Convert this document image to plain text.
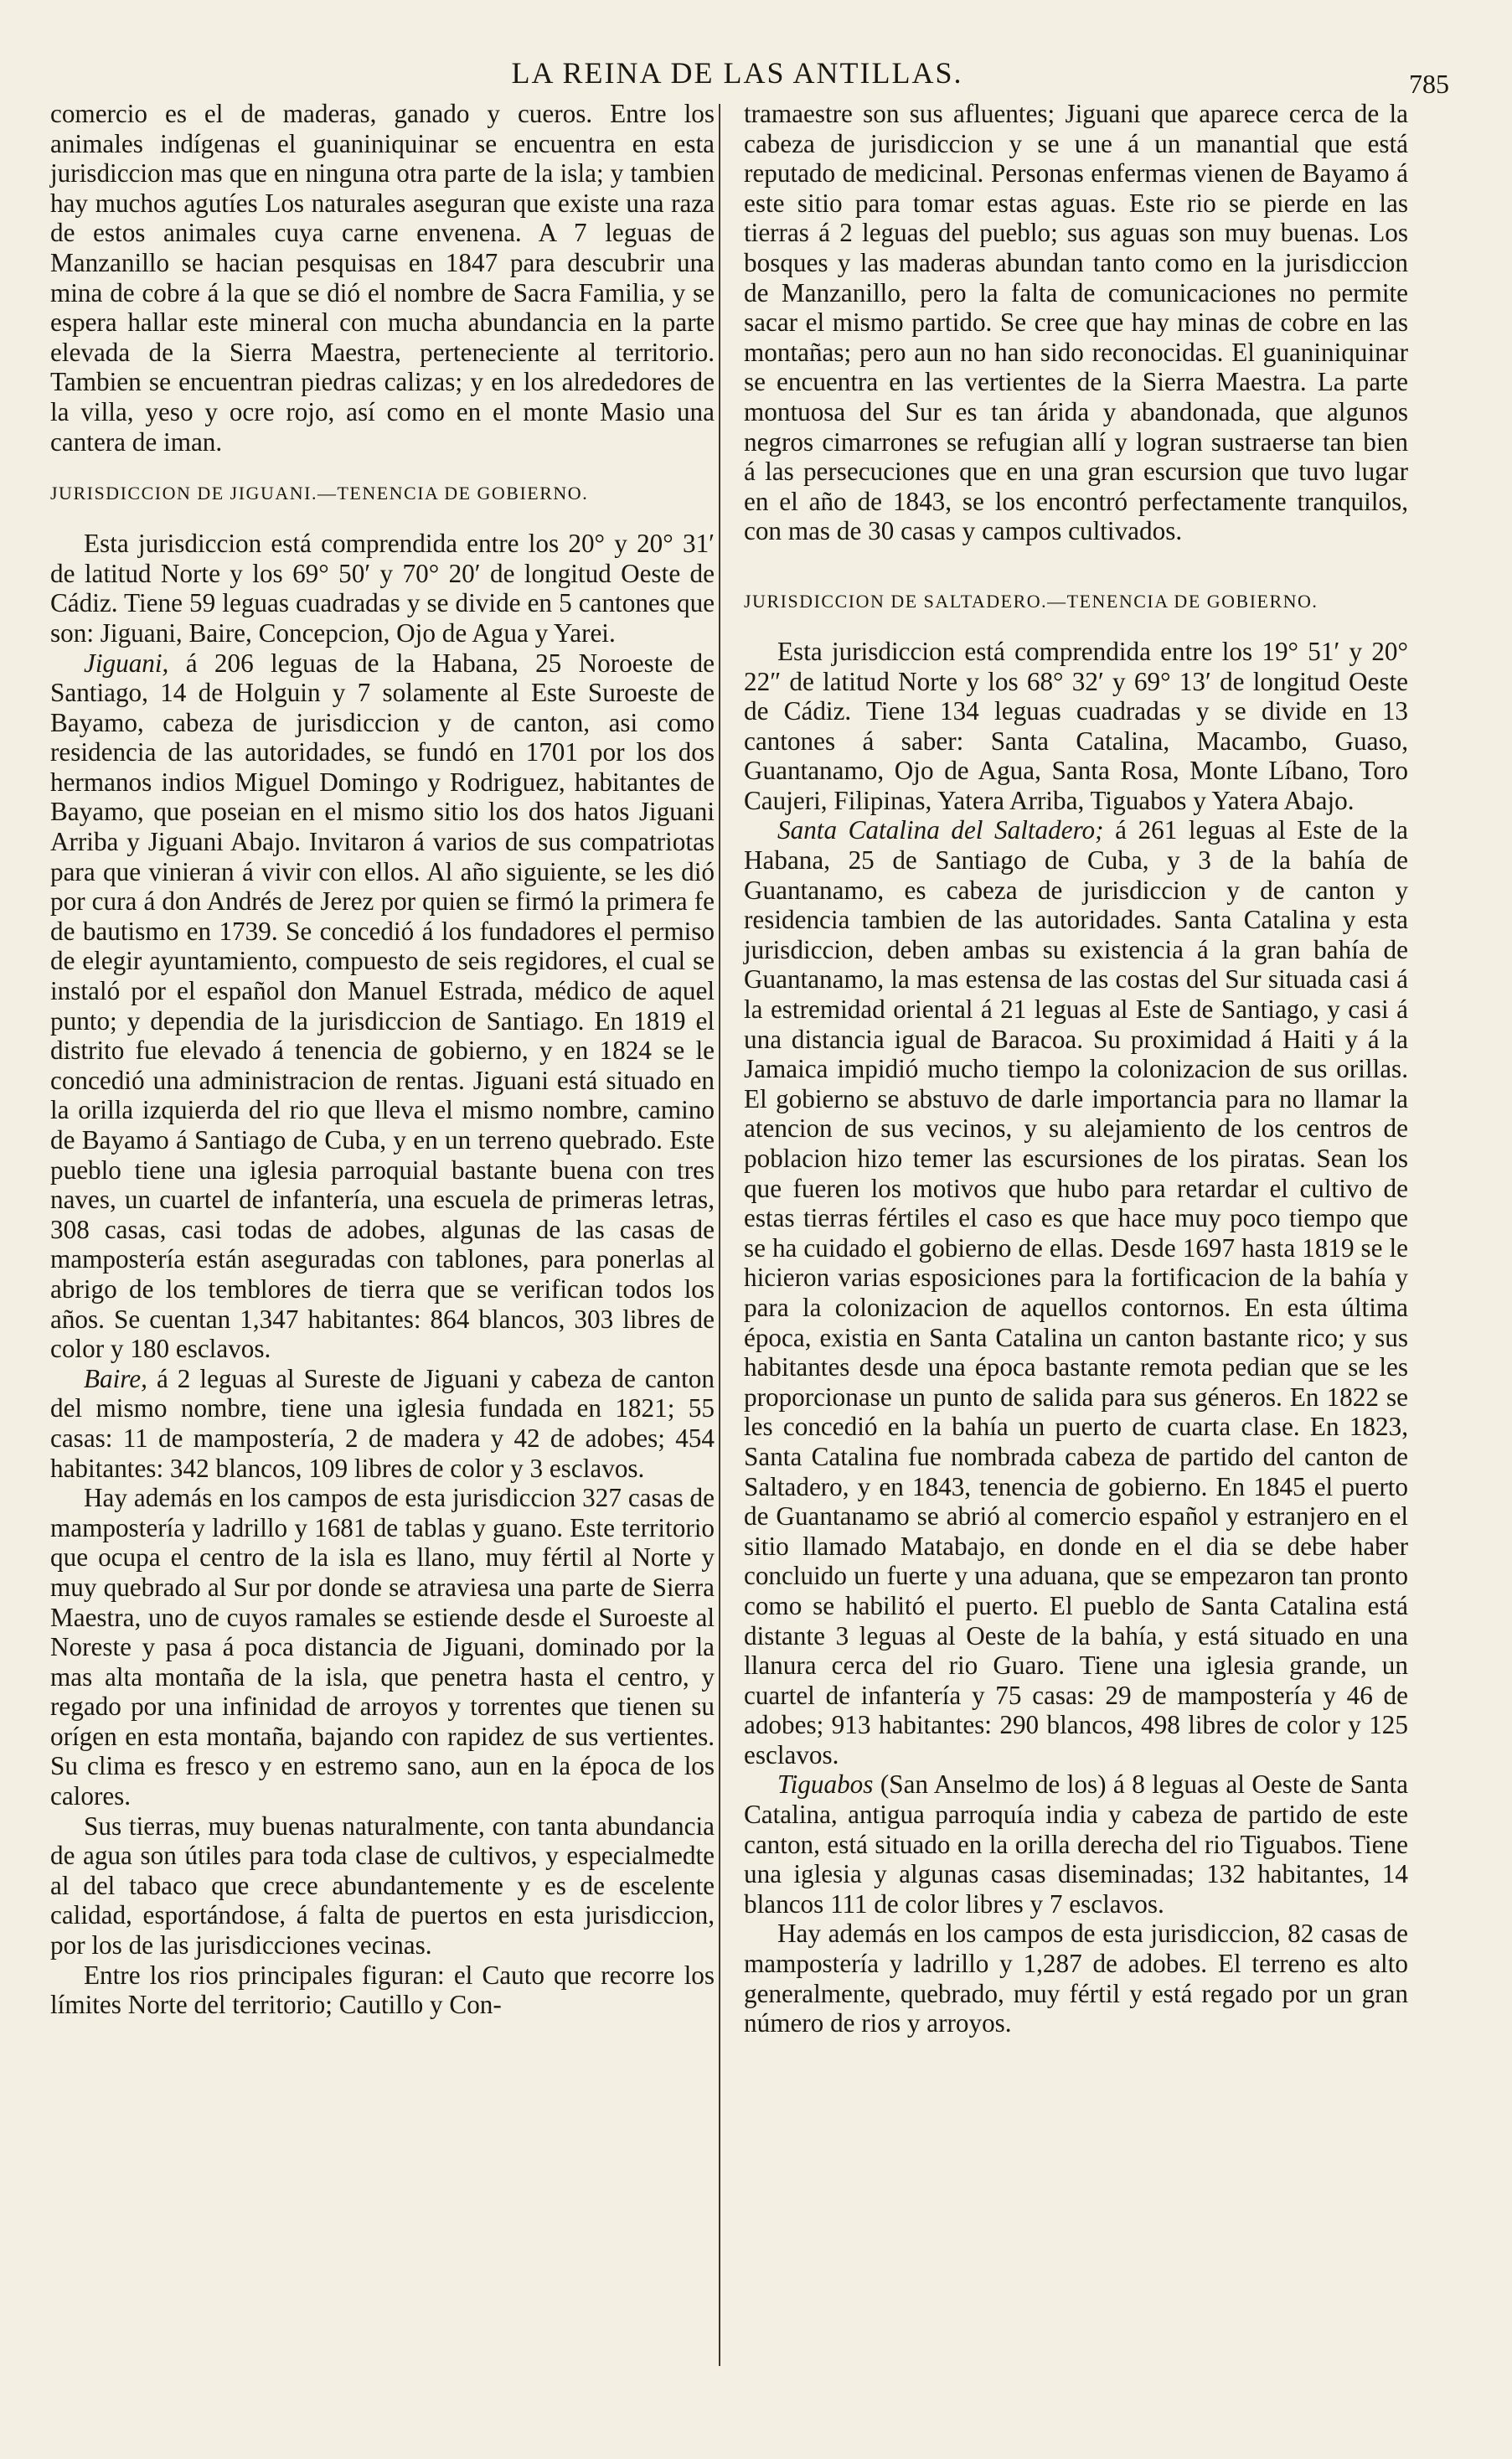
LA REINA DE LAS ANTILLAS.	785

comercio es el de maderas, ganado y cueros. Entre los animales indígenas el guaniniquinar se encuentra en esta jurisdiccion mas que en ninguna otra parte de la isla; y tambien hay muchos agutíes Los naturales aseguran que existe una raza de estos animales cuya carne envenena. A 7 leguas de Manzanillo se hacian pesquisas en 1847 para descubrir una mina de cobre á la que se dió el nombre de Sacra Familia, y se espera hallar este mineral con mucha abundancia en la parte elevada de la Sierra Maestra, perteneciente al territorio. Tambien se encuentran piedras calizas; y en los alrededores de la villa, yeso y ocre rojo, así como en el monte Masio una cantera de iman.

JURISDICCION DE JIGUANI.—TENENCIA DE GOBIERNO.

Esta jurisdiccion está comprendida entre los 20° y 20° 31′ de latitud Norte y los 69° 50′ y 70° 20′ de longitud Oeste de Cádiz. Tiene 59 leguas cuadradas y se divide en 5 cantones que son: Jiguani, Baire, Concepcion, Ojo de Agua y Yarei.

Jiguani, á 206 leguas de la Habana, 25 Noroeste de Santiago, 14 de Holguin y 7 solamente al Este Suroeste de Bayamo, cabeza de jurisdiccion y de canton, asi como residencia de las autoridades, se fundó en 1701 por los dos hermanos indios Miguel Domingo y Rodriguez, habitantes de Bayamo, que poseian en el mismo sitio los dos hatos Jiguani Arriba y Jiguani Abajo. Invitaron á varios de sus compatriotas para que vinieran á vivir con ellos. Al año siguiente, se les dió por cura á don Andrés de Jerez por quien se firmó la primera fe de bautismo en 1739. Se concedió á los fundadores el permiso de elegir ayuntamiento, compuesto de seis regidores, el cual se instaló por el español don Manuel Estrada, médico de aquel punto; y dependia de la jurisdiccion de Santiago. En 1819 el distrito fue elevado á tenencia de gobierno, y en 1824 se le concedió una administracion de rentas. Jiguani está situado en la orilla izquierda del rio que lleva el mismo nombre, camino de Bayamo á Santiago de Cuba, y en un terreno quebrado. Este pueblo tiene una iglesia parroquial bastante buena con tres naves, un cuartel de infantería, una escuela de primeras letras, 308 casas, casi todas de adobes, algunas de las casas de mampostería están aseguradas con tablones, para ponerlas al abrigo de los temblores de tierra que se verifican todos los años. Se cuentan 1,347 habitantes: 864 blancos, 303 libres de color y 180 esclavos.

Baire, á 2 leguas al Sureste de Jiguani y cabeza de canton del mismo nombre, tiene una iglesia fundada en 1821; 55 casas: 11 de mampostería, 2 de madera y 42 de adobes; 454 habitantes: 342 blancos, 109 libres de color y 3 esclavos.

Hay además en los campos de esta jurisdiccion 327 casas de mampostería y ladrillo y 1681 de tablas y guano. Este territorio que ocupa el centro de la isla es llano, muy fértil al Norte y muy quebrado al Sur por donde se atraviesa una parte de Sierra Maestra, uno de cuyos ramales se estiende desde el Suroeste al Noreste y pasa á poca distancia de Jiguani, dominado por la mas alta montaña de la isla, que penetra hasta el centro, y regado por una infinidad de arroyos y torrentes que tienen su orígen en esta montaña, bajando con rapidez de sus vertientes. Su clima es fresco y en estremo sano, aun en la época de los calores.

Sus tierras, muy buenas naturalmente, con tanta abundancia de agua son útiles para toda clase de cultivos, y especialmedte al del tabaco que crece abundantemente y es de escelente calidad, esportándose, á falta de puertos en esta jurisdiccion, por los de las jurisdicciones vecinas.

Entre los rios principales figuran: el Cauto que recorre los límites Norte del territorio; Cautillo y Con-

tramaestre son sus afluentes; Jiguani que aparece cerca de la cabeza de jurisdiccion y se une á un manantial que está reputado de medicinal. Personas enfermas vienen de Bayamo á este sitio para tomar estas aguas. Este rio se pierde en las tierras á 2 leguas del pueblo; sus aguas son muy buenas. Los bosques y las maderas abundan tanto como en la jurisdiccion de Manzanillo, pero la falta de comunicaciones no permite sacar el mismo partido. Se cree que hay minas de cobre en las montañas; pero aun no han sido reconocidas. El guaniniquinar se encuentra en las vertientes de la Sierra Maestra. La parte montuosa del Sur es tan árida y abandonada, que algunos negros cimarrones se refugian allí y logran sustraerse tan bien á las persecuciones que en una gran escursion que tuvo lugar en el año de 1843, se los encontró perfectamente tranquilos, con mas de 30 casas y campos cultivados.

JURISDICCION DE SALTADERO.—TENENCIA DE GOBIERNO.

Esta jurisdiccion está comprendida entre los 19° 51′ y 20° 22″ de latitud Norte y los 68° 32′ y 69° 13′ de longitud Oeste de Cádiz. Tiene 134 leguas cuadradas y se divide en 13 cantones á saber: Santa Catalina, Macambo, Guaso, Guantanamo, Ojo de Agua, Santa Rosa, Monte Líbano, Toro Caujeri, Filipinas, Yatera Arriba, Tiguabos y Yatera Abajo.

Santa Catalina del Saltadero; á 261 leguas al Este de la Habana, 25 de Santiago de Cuba, y 3 de la bahía de Guantanamo, es cabeza de jurisdiccion y de canton y residencia tambien de las autoridades. Santa Catalina y esta jurisdiccion, deben ambas su existencia á la gran bahía de Guantanamo, la mas estensa de las costas del Sur situada casi á la estremidad oriental á 21 leguas al Este de Santiago, y casi á una distancia igual de Baracoa. Su proximidad á Haiti y á la Jamaica impidió mucho tiempo la colonizacion de sus orillas. El gobierno se abstuvo de darle importancia para no llamar la atencion de sus vecinos, y su alejamiento de los centros de poblacion hizo temer las escursiones de los piratas. Sean los que fueren los motivos que hubo para retardar el cultivo de estas tierras fértiles el caso es que hace muy poco tiempo que se ha cuidado el gobierno de ellas. Desde 1697 hasta 1819 se le hicieron varias esposiciones para la fortificacion de la bahía y para la colonizacion de aquellos contornos. En esta última época, existia en Santa Catalina un canton bastante rico; y sus habitantes desde una época bastante remota pedian que se les proporcionase un punto de salida para sus géneros. En 1822 se les concedió en la bahía un puerto de cuarta clase. En 1823, Santa Catalina fue nombrada cabeza de partido del canton de Saltadero, y en 1843, tenencia de gobierno. En 1845 el puerto de Guantanamo se abrió al comercio español y estranjero en el sitio llamado Matabajo, en donde en el dia se debe haber concluido un fuerte y una aduana, que se empezaron tan pronto como se habilitó el puerto. El pueblo de Santa Catalina está distante 3 leguas al Oeste de la bahía, y está situado en una llanura cerca del rio Guaro. Tiene una iglesia grande, un cuartel de infantería y 75 casas: 29 de mampostería y 46 de adobes; 913 habitantes: 290 blancos, 498 libres de color y 125 esclavos.

Tiguabos (San Anselmo de los) á 8 leguas al Oeste de Santa Catalina, antigua parroquía india y cabeza de partido de este canton, está situado en la orilla derecha del rio Tiguabos. Tiene una iglesia y algunas casas diseminadas; 132 habitantes, 14 blancos 111 de color libres y 7 esclavos.

Hay además en los campos de esta jurisdiccion, 82 casas de mampostería y ladrillo y 1,287 de adobes. El terreno es alto generalmente, quebrado, muy fértil y está regado por un gran número de rios y arroyos.
